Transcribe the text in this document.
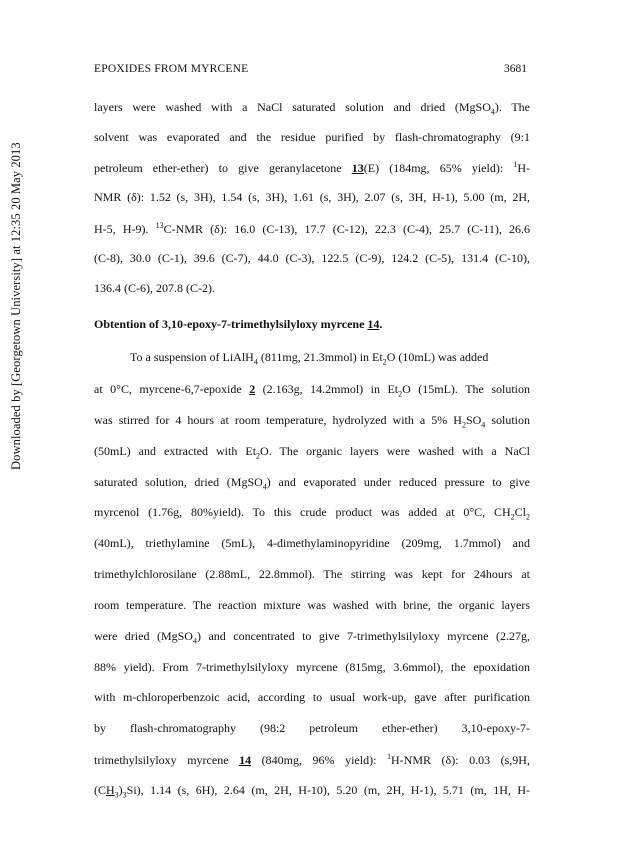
Downloaded by [Georgetown University] at 12:35 20 May 2013
EPOXIDES FROM MYRCENE	3681
layers were washed with a NaCl saturated solution and dried (MgSO$_4$). The
solvent was evaporated and the residue purified by flash-chromatography (9:1
petroleum ether-ether) to give geranylacetone 13(E) (184mg, 65% yield): $^1$H-
NMR (δ): 1.52 (s, 3H), 1.54 (s, 3H), 1.61 (s, 3H), 2.07 (s, 3H, H-1), 5.00 (m, 2H,
H-5, H-9). $^{13}$C-NMR (δ): 16.0 (C-13), 17.7 (C-12), 22.3 (C-4), 25.7 (C-11), 26.6
(C-8), 30.0 (C-1), 39.6 (C-7), 44.0 (C-3), 122.5 (C-9), 124.2 (C-5), 131.4 (C-10),
136.4 (C-6), 207.8 (C-2).
Obtention of 3,10-epoxy-7-trimethylsilyloxy myrcene 14.
To a suspension of LiAlH$_4$ (811mg, 21.3mmol) in $Et_2O$ (10mL) was added
at 0°C, myrcene-6,7-epoxide 2 (2.163g, 14.2mmol) in $Et_2O$ (15mL). The solution
was stirred for 4 hours at room temperature, hydrolyzed with a 5% $H_2SO_4$ solution
(50mL) and extracted with $Et_2O$. The organic layers were washed with a NaCl
saturated solution, dried (MgSO$_4$) and evaporated under reduced pressure to give
myrcenol (1.76g, 80%yield). To this crude product was added at 0°C, $CH_2Cl_2$
(40mL), triethylamine (5mL), 4-dimethylaminopyridine (209mg, 1.7mmol) and
trimethylchlorosilane (2.88mL, 22.8mmol). The stirring was kept for 24hours at
room temperature. The reaction mixture was washed with brine, the organic layers
were dried (MgSO$_4$) and concentrated to give 7-trimethylsilyloxy myrcene (2.27g,
88% yield). From 7-trimethylsilyloxy myrcene (815mg, 3.6mmol), the epoxidation
with m-chloroperbenzoic acid, according to usual work-up, gave after purification
by    flash-chromatography    (98:2    petroleum    ether-ether)    3,10-epoxy-7-
trimethylsilyloxy myrcene 14 (840mg, 96% yield): $^1$H-NMR (δ): 0.03 (s,9H,
$(CH_3)_3Si$), 1.14 (s, 6H), 2.64 (m, 2H, H-10), 5.20 (m, 2H, H-1), 5.71 (m, 1H, H-
